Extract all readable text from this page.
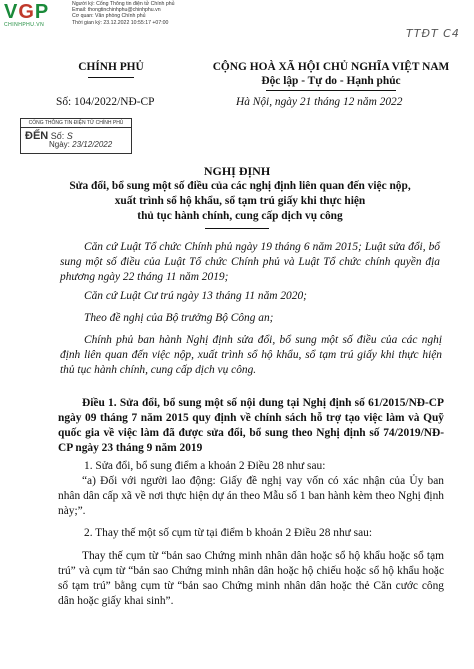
VGP
CHINHPHU.VN
Người ký: Cổng Thông tin điện tử Chính phủ
Email: thongtinchinhphu@chinhphu.vn
Cơ quan: Văn phòng Chính phủ
Thời gian ký: 23.12.2022 10:55:17 +07:00
TTĐT C4
CHÍNH PHỦ
Số: 104/2022/NĐ-CP
CỘNG HOÀ XÃ HỘI CHỦ NGHĨA VIỆT NAM
Độc lập - Tự do - Hạnh phúc
Hà Nội, ngày 21 tháng 12 năm 2022
CỔNG THÔNG TIN ĐIỆN TỬ CHÍNH PHỦ
ĐẾN Số: S
Ngày: 23/12/2022
NGHỊ ĐỊNH
Sửa đổi, bổ sung một số điều của các nghị định liên quan đến việc nộp,
xuất trình sổ hộ khẩu, sổ tạm trú giấy khi thực hiện
thủ tục hành chính, cung cấp dịch vụ công
Căn cứ Luật Tổ chức Chính phủ ngày 19 tháng 6 năm 2015; Luật sửa đổi, bổ sung một số điều của Luật Tổ chức Chính phủ và Luật Tổ chức chính quyền địa phương ngày 22 tháng 11 năm 2019;
Căn cứ Luật Cư trú ngày 13 tháng 11 năm 2020;
Theo đề nghị của Bộ trưởng Bộ Công an;
Chính phủ ban hành Nghị định sửa đổi, bổ sung một số điều của các nghị định liên quan đến việc nộp, xuất trình sổ hộ khẩu, sổ tạm trú giấy khi thực hiện thủ tục hành chính, cung cấp dịch vụ công.
Điều 1. Sửa đổi, bổ sung một số nội dung tại Nghị định số 61/2015/NĐ-CP ngày 09 tháng 7 năm 2015 quy định về chính sách hỗ trợ tạo việc làm và Quỹ quốc gia về việc làm đã được sửa đổi, bổ sung theo Nghị định số 74/2019/NĐ-CP ngày 23 tháng 9 năm 2019
1. Sửa đổi, bổ sung điểm a khoản 2 Điều 28 như sau:
“a) Đối với người lao động: Giấy đề nghị vay vốn có xác nhận của Ủy ban nhân dân cấp xã về nơi thực hiện dự án theo Mẫu số 1 ban hành kèm theo Nghị định này;”.
2. Thay thế một số cụm từ tại điểm b khoản 2 Điều 28 như sau:
Thay thế cụm từ “bản sao Chứng minh nhân dân hoặc sổ hộ khẩu hoặc sổ tạm trú” và cụm từ “bản sao Chứng minh nhân dân hoặc hộ chiếu hoặc sổ hộ khẩu hoặc sổ tạm trú” bằng cụm từ “bản sao Chứng minh nhân dân hoặc thẻ Căn cước công dân hoặc giấy khai sinh”.
